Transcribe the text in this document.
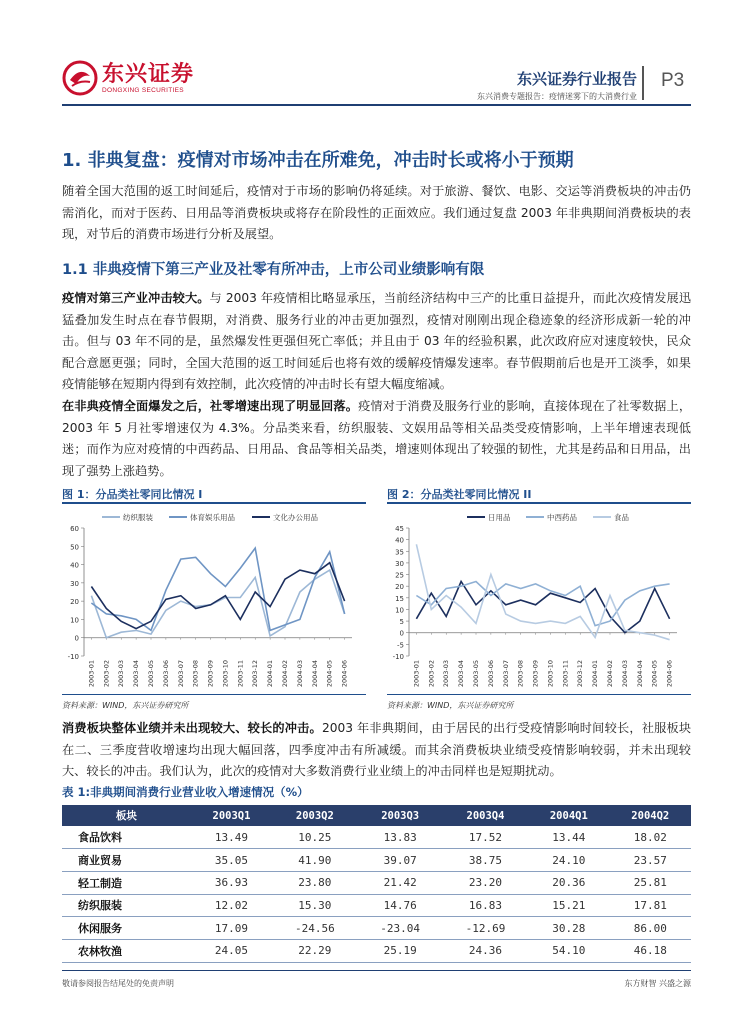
东兴证券
DONGXING SECURITIES
东兴证券行业报告
东兴消费专题报告：疫情迷雾下的大消费行业
P3
1. 非典复盘：疫情对市场冲击在所难免，冲击时长或将小于预期
随着全国大范围的返工时间延后，疫情对于市场的影响仍将延续。对于旅游、餐饮、电影、交运等消费板块的冲击仍需消化，而对于医药、日用品等消费板块或将存在阶段性的正面效应。我们通过复盘 2003 年非典期间消费板块的表现，对节后的消费市场进行分析及展望。
1.1 非典疫情下第三产业及社零有所冲击，上市公司业绩影响有限
疫情对第三产业冲击较大。与 2003 年疫情相比略显承压，当前经济结构中三产的比重日益提升，而此次疫情发展迅猛叠加发生时点在春节假期，对消费、服务行业的冲击更加强烈，疫情对刚刚出现企稳迹象的经济形成新一轮的冲击。但与 03 年不同的是，虽然爆发性更强但死亡率低；并且由于 03 年的经验积累，此次政府应对速度较快，民众配合意愿更强；同时，全国大范围的返工时间延后也将有效的缓解疫情爆发速率。春节假期前后也是开工淡季，如果疫情能够在短期内得到有效控制，此次疫情的冲击时长有望大幅度缩减。
在非典疫情全面爆发之后，社零增速出现了明显回落。疫情对于消费及服务行业的影响，直接体现在了社零数据上，2003 年 5 月社零增速仅为 4.3%。分品类来看，纺织服装、文娱用品等相关品类受疫情影响，上半年增速表现低迷；而作为应对疫情的中西药品、日用品、食品等相关品类，增速则体现出了较强的韧性，尤其是药品和日用品，出现了强势上涨趋势。
图 1：分品类社零同比情况 I	图 2：分品类社零同比情况 II
-10
0
10
20
30
40
50
60
2003-01 2003-02 2003-03 2003-04 2003-05 2003-06 2003-07 2003-08 2003-09 2003-10 2003-11 2003-12 2004-01 2004-02 2004-03 2004-04 2004-05 2004-06
纺织服装	体育娱乐用品	文化办公用品
-10
-5
0
5
10
15
20
25
30
35
40
45
2003-01 2003-02 2003-03 2003-04 2003-05 2003-06 2003-07 2003-08 2003-09 2003-10 2003-11 2003-12 2004-01 2004-02 2004-03 2004-04 2004-05 2004-06
日用品	中西药品	食品
资料来源：WIND，东兴证券研究所	资料来源：WIND，东兴证券研究所
消费板块整体业绩并未出现较大、较长的冲击。2003 年非典期间，由于居民的出行受疫情影响时间较长，社服板块在二、三季度营收增速均出现大幅回落，四季度冲击有所减缓。而其余消费板块业绩受疫情影响较弱，并未出现较大、较长的冲击。我们认为，此次的疫情对大多数消费行业业绩上的冲击同样也是短期扰动。
表 1:非典期间消费行业营业收入增速情况（%）
板块	2003Q1	2003Q2	2003Q3	2003Q4	2004Q1	2004Q2
食品饮料	13.49	10.25	13.83	17.52	13.44	18.02
商业贸易	35.05	41.90	39.07	38.75	24.10	23.57
轻工制造	36.93	23.80	21.42	23.20	20.36	25.81
纺织服装	12.02	15.30	14.76	16.83	15.21	17.81
休闲服务	17.09	-24.56	-23.04	-12.69	30.28	86.00
农林牧渔	24.05	22.29	25.19	24.36	54.10	46.18
敬请参阅报告结尾处的免责声明	东方财智 兴盛之源
